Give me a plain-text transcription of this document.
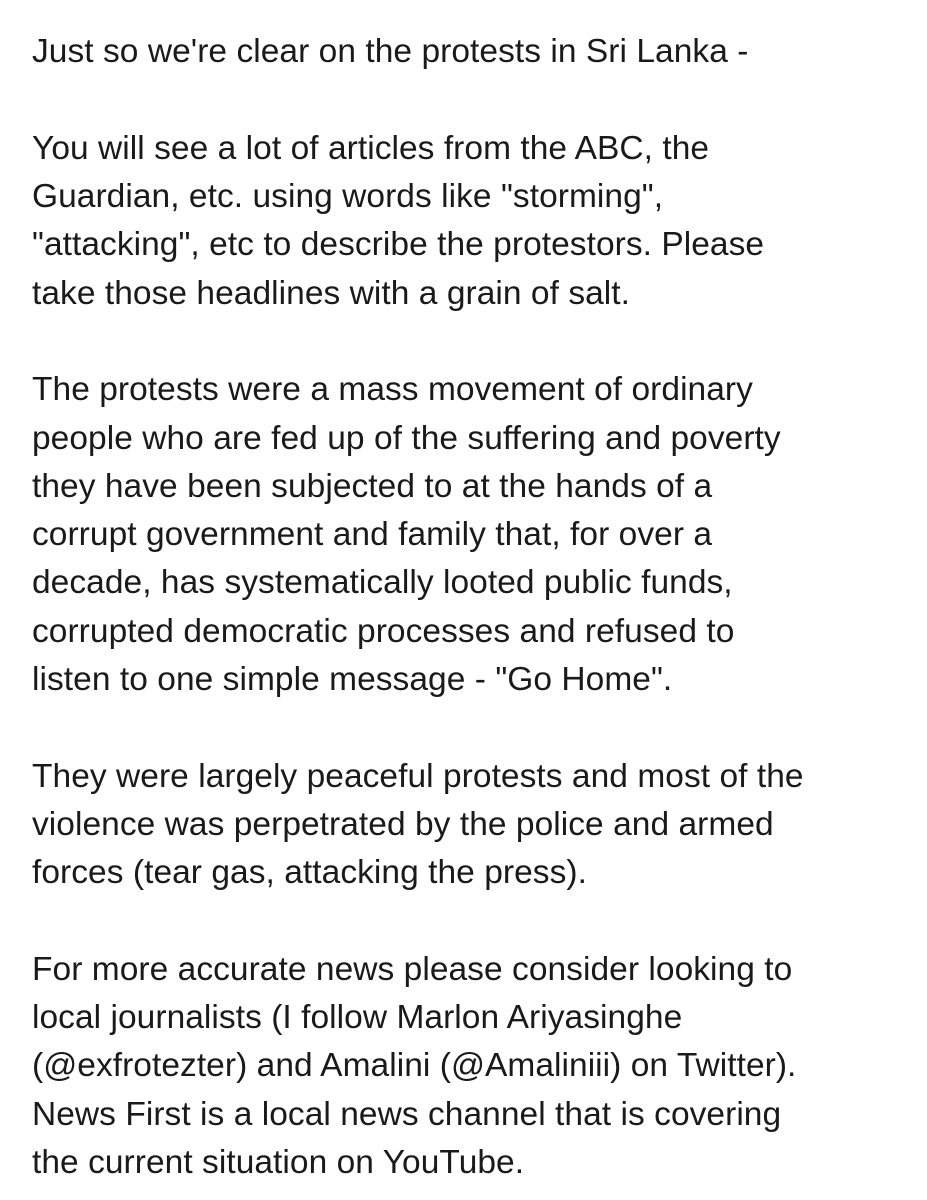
Just so we're clear on the protests in Sri Lanka -

You will see a lot of articles from the ABC, the
Guardian, etc. using words like "storming",
"attacking", etc to describe the protestors. Please
take those headlines with a grain of salt.

The protests were a mass movement of ordinary
people who are fed up of the suffering and poverty
they have been subjected to at the hands of a
corrupt government and family that, for over a
decade, has systematically looted public funds,
corrupted democratic processes and refused to
listen to one simple message - "Go Home".

They were largely peaceful protests and most of the
violence was perpetrated by the police and armed
forces (tear gas, attacking the press).

For more accurate news please consider looking to
local journalists (I follow Marlon Ariyasinghe
(@exfrotezter) and Amalini (@Amaliniii) on Twitter).
News First is a local news channel that is covering
the current situation on YouTube.
